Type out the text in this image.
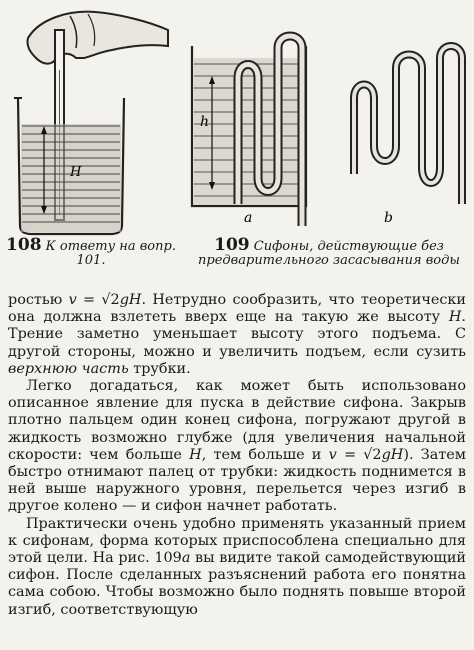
H
h
a	b
108 К ответу на вопр. 101.
109 Сифоны, действующие без предварительного засасывания воды

ростью v = √2gH. Нетрудно сообразить, что теоретически она должна взлететь вверх еще на такую же высоту H. Трение заметно уменьшает высоту этого подъема. С другой стороны, можно и увеличить подъем, если сузить верхнюю часть трубки.

Легко догадаться, как может быть использовано описанное явление для пуска в действие сифона. Закрыв плотно пальцем один конец сифона, погружают другой в жидкость возможно глубже (для увеличения начальной скорости: чем больше H, тем больше и v = √2gH). Затем быстро отнимают палец от трубки: жидкость поднимется в ней выше наружного уровня, перельется через изгиб в другое колено — и сифон начнет работать.

Практически очень удобно применять указанный прием к сифонам, форма которых приспособлена специально для этой цели. На рис. 109a вы видите такой самодействующий сифон. После сделанных разъяснений работа его понятна сама собою. Чтобы возможно было поднять повыше второй изгиб, соответствующую
